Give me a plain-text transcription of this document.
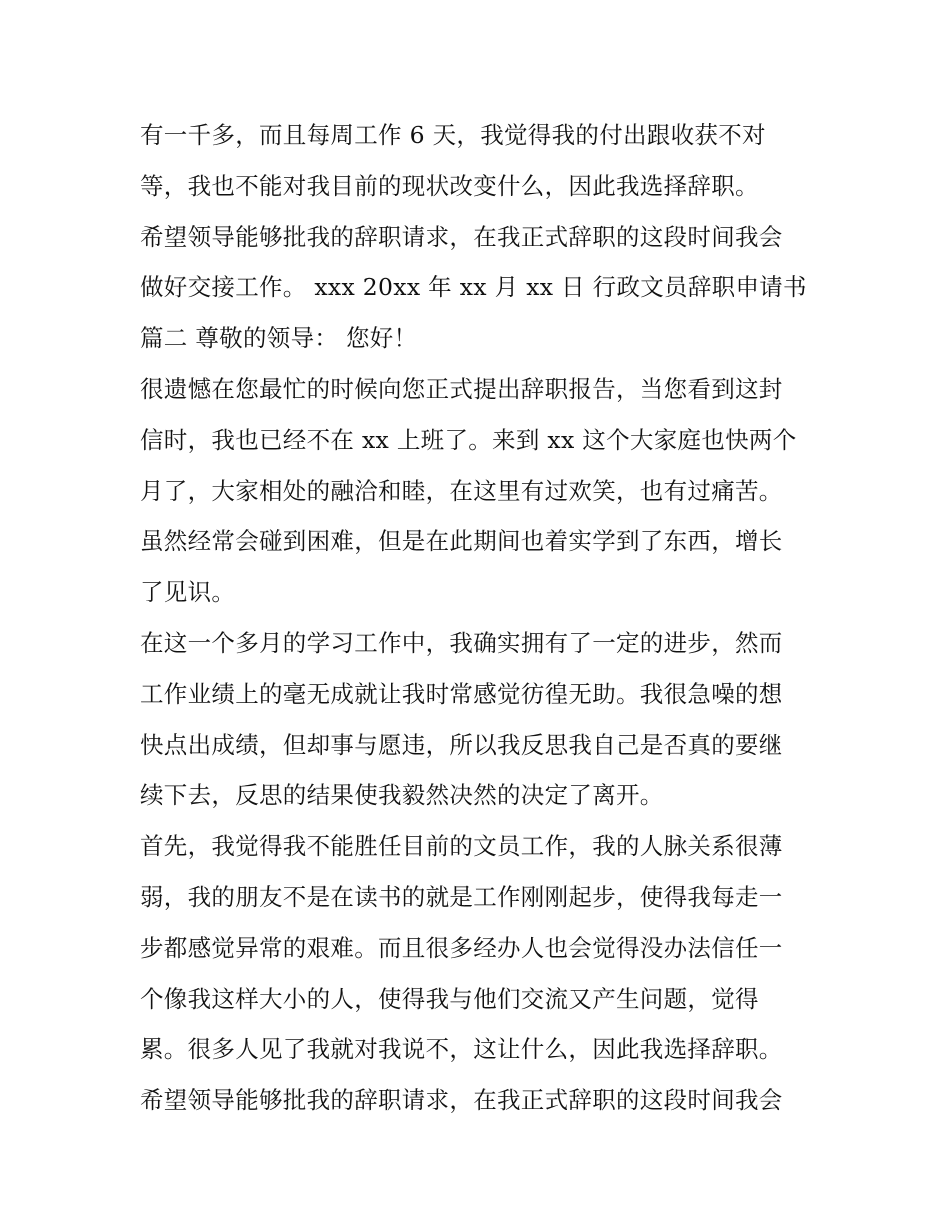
有一千多，而且每周工作 6 天，我觉得我的付出跟收获不对
等，我也不能对我目前的现状改变什么，因此我选择辞职。
希望领导能够批我的辞职请求，在我正式辞职的这段时间我会
做好交接工作。 xxx 20xx 年 xx 月 xx 日 行政文员辞职申请书
篇二 尊敬的领导： 您好！
很遗憾在您最忙的时候向您正式提出辞职报告，当您看到这封
信时，我也已经不在 xx 上班了。来到 xx 这个大家庭也快两个
月了，大家相处的融洽和睦，在这里有过欢笑，也有过痛苦。
虽然经常会碰到困难，但是在此期间也着实学到了东西，增长
了见识。
在这一个多月的学习工作中，我确实拥有了一定的进步，然而
工作业绩上的毫无成就让我时常感觉彷徨无助。我很急噪的想
快点出成绩，但却事与愿违，所以我反思我自己是否真的要继
续下去，反思的结果使我毅然决然的决定了离开。
首先，我觉得我不能胜任目前的文员工作，我的人脉关系很薄
弱，我的朋友不是在读书的就是工作刚刚起步，使得我每走一
步都感觉异常的艰难。而且很多经办人也会觉得没办法信任一
个像我这样大小的人，使得我与他们交流又产生问题，觉得
累。很多人见了我就对我说不，这让什么，因此我选择辞职。
希望领导能够批我的辞职请求，在我正式辞职的这段时间我会
